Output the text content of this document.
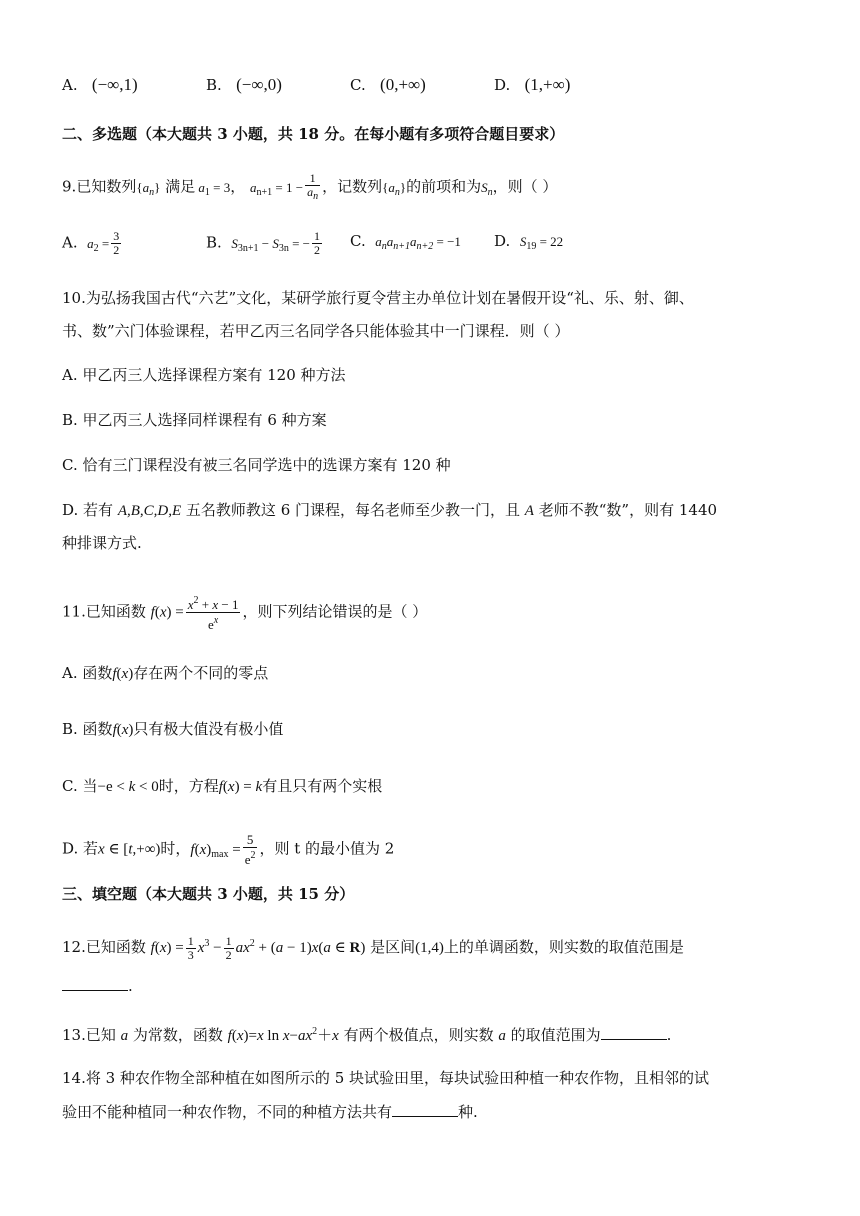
A. (−∞,1)	B. (−∞,0)	C. (0,+∞)	D. (1,+∞)
二、多选题（本大题共 3 小题，共 18 分。在每小题有多项符合题目要求）
9.已知数列$\{a_n\}$ 满足 $a_1 = 3$， $a_{n+1} = 1 - \frac{1}{a_n}$ ，记数列$\{a_n\}$的前项和为$S_n$，则（ ）
A. $a_2 = \frac{3}{2}$	B. $S_{3n+1} - S_{3n}$ = − $\frac{1}{2} C$. $a_na_{n+1}a_{n+2} = -1$ D. $S_{19} = 22$
10.为弘扬我国古代“六艺”文化，某研学旅行夏令营主办单位计划在暑假开设“礼、乐、射、御、
书、数”六门体验课程，若甲乙丙三名同学各只能体验其中一门课程．则（ ）
A. 甲乙丙三人选择课程方案有 120 种方法
B. 甲乙丙三人选择同样课程有 6 种方案
C. 恰有三门课程没有被三名同学选中的选课方案有 120 种
D. 若有 A,B,C,D,E 五名教师教这 6 门课程，每名老师至少教一门，且 A 老师不教“数”，则有 1440
种排课方式.
11.已知函数 $f(x) = \frac{x^2 + x - 1}{e^x}$ ，则下列结论错误的是（ ）
A. 函数f(x)存在两个不同的零点
B. 函数f(x)只有极大值没有极小值
C. 当−e < k < 0时，方程f(x) = k有且只有两个实根
D. 若x ∈ [t,+∞)时，$f(x)_{max} = \frac{5}{e^2}$ ，则 t 的最小值为 2
三、填空题（本大题共 3 小题，共 15 分）
12.已知函数 $f(x) = \frac{1}{3} x^3 - \frac{1}{2} ax^2 + (a - 1)x(a$ ∈ R) 是区间(1,4)上的单调函数，则实数的取值范围是
.
13.已知 a 为常数，函数 f(x)=x $\ln x-ax^2+x$ 有两个极值点，则实数 a 的取值范围为	.
14.将 3 种农作物全部种植在如图所示的 5 块试验田里，每块试验田种植一种农作物，且相邻的试
验田不能种植同一种农作物，不同的种植方法共有	种.
